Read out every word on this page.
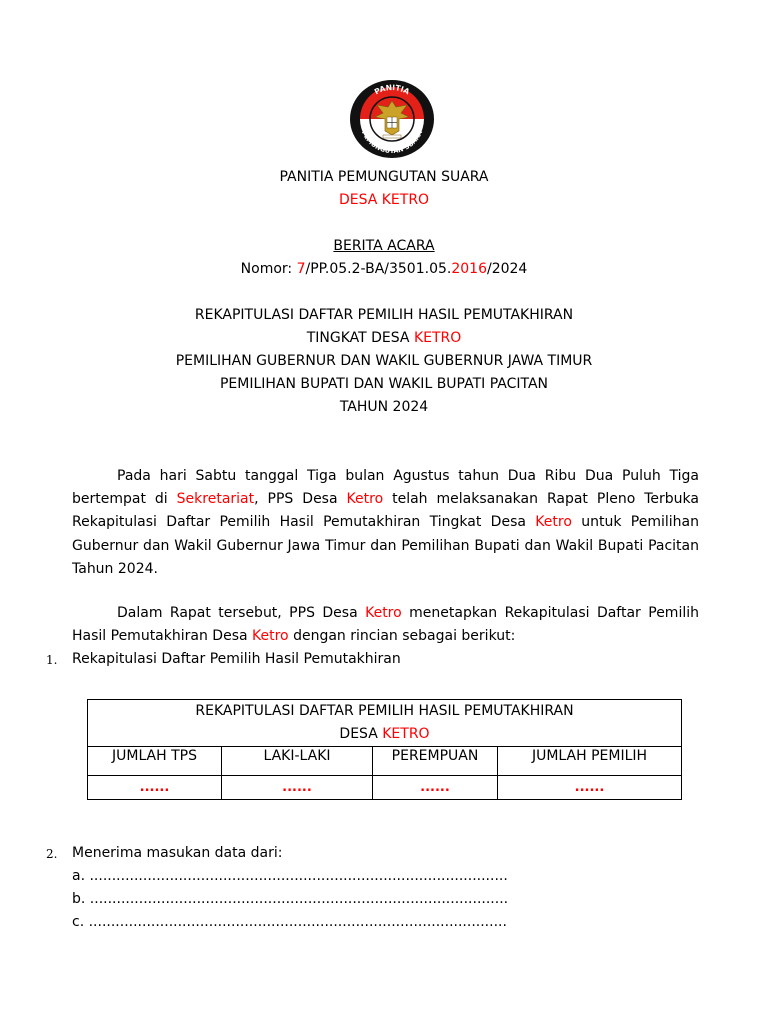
PANITIA
PEMUNGUTAN SUARA
PANITIA PEMUNGUTAN SUARA
DESA KETRO
BERITA ACARA
Nomor: 7/PP.05.2-BA/3501.05.2016/2024
REKAPITULASI DAFTAR PEMILIH HASIL PEMUTAKHIRAN
TINGKAT DESA KETRO
PEMILIHAN GUBERNUR DAN WAKIL GUBERNUR JAWA TIMUR
PEMILIHAN BUPATI DAN WAKIL BUPATI PACITAN
TAHUN 2024
Pada hari Sabtu tanggal Tiga bulan Agustus tahun Dua Ribu Dua Puluh Tiga bertempat di Sekretariat, PPS Desa Ketro telah melaksanakan Rapat Pleno Terbuka Rekapitulasi Daftar Pemilih Hasil Pemutakhiran Tingkat Desa Ketro untuk Pemilihan Gubernur dan Wakil Gubernur Jawa Timur dan Pemilihan Bupati dan Wakil Bupati Pacitan Tahun 2024.
Dalam Rapat tersebut, PPS Desa Ketro menetapkan Rekapitulasi Daftar Pemilih Hasil Pemutakhiran Desa Ketro dengan rincian sebagai berikut:
1. Rekapitulasi Daftar Pemilih Hasil Pemutakhiran
REKAPITULASI DAFTAR PEMILIH HASIL PEMUTAKHIRAN
DESA KETRO			

JUMLAH TPS	LAKI-LAKI	PEREMPUAN	JUMLAH PEMILIH
......	......	......	......
2. Menerima masukan data dari:
a. ..............................................................................................
b. ..............................................................................................
c. ..............................................................................................
